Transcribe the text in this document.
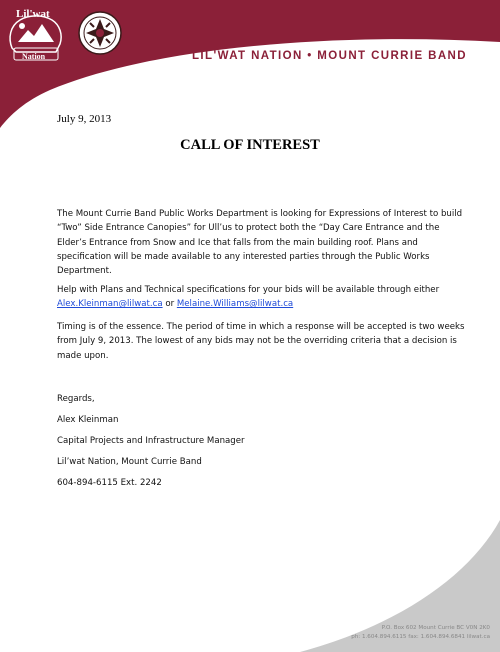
Lil'wat
Nation	LIL'WAT NATION • MOUNT CURRIE BAND
July 9, 2013
CALL OF INTEREST
The Mount Currie Band Public Works Department is looking for Expressions of Interest to build “Two” Side Entrance Canopies” for Ull’us to protect both the “Day Care Entrance and the Elder’s Entrance from Snow and Ice that falls from the main building roof. Plans and specification will be made available to any interested parties through the Public Works Department.
Help with Plans and Technical specifications for your bids will be available through either
Alex.Kleinman@lilwat.ca or Melaine.Williams@lilwat.ca
Timing is of the essence. The period of time in which a response will be accepted is two weeks from July 9, 2013. The lowest of any bids may not be the overriding criteria that a decision is made upon.
Regards,
Alex Kleinman
Capital Projects and Infrastructure Manager
Lil’wat Nation, Mount Currie Band
604-894-6115 Ext. 2242
P.O. Box 602 Mount Currie BC V0N 2K0
ph: 1.604.894.6115 fax: 1.604.894.6841 lilwat.ca
